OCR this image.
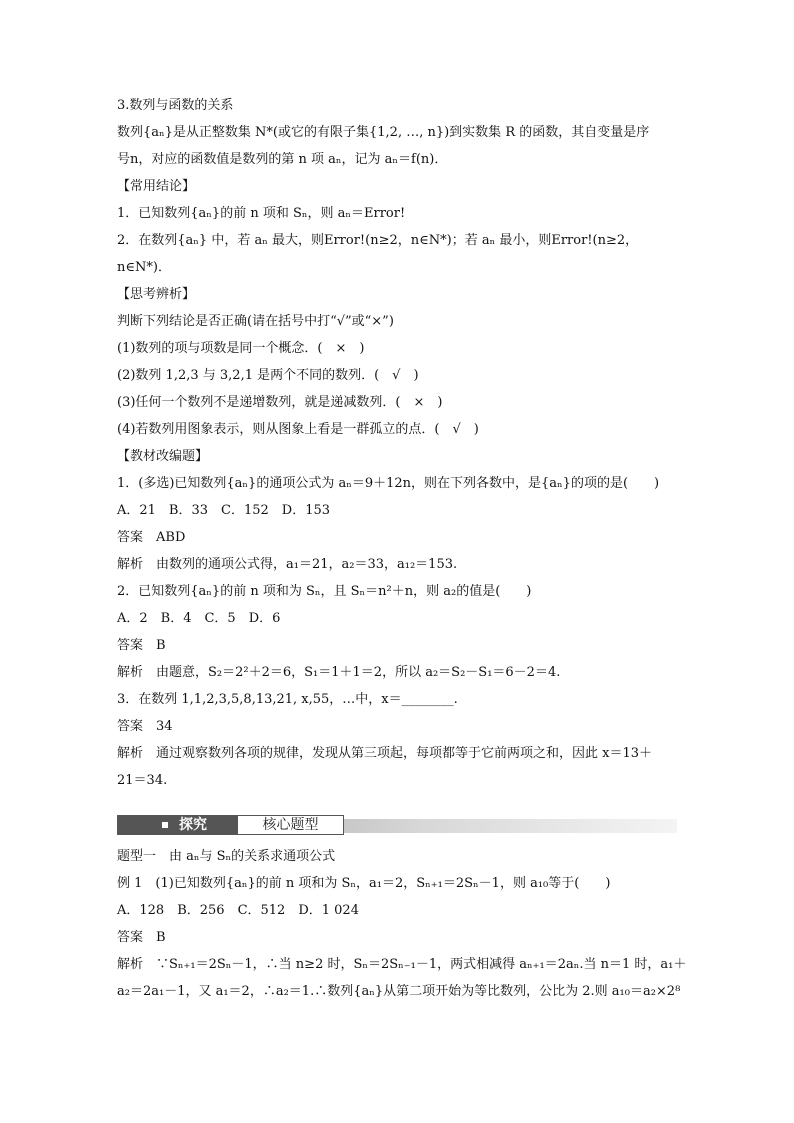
3.数列与函数的关系
数列{aₙ}是从正整数集 N*(或它的有限子集{1,2, …, n})到实数集 R 的函数，其自变量是序
号n，对应的函数值是数列的第 n 项 aₙ，记为 aₙ＝f(n)．
【常用结论】
1．已知数列{aₙ}的前 n 项和 Sₙ，则 aₙ＝Error!
2．在数列{aₙ} 中，若 aₙ 最大，则Error!(n≥2，n∈N*)；若 aₙ 最小，则Error!(n≥2，
n∈N*)．
【思考辨析】
判断下列结论是否正确(请在括号中打“√”或“×”)
(1)数列的项与项数是同一个概念．(　×　)
(2)数列 1,2,3 与 3,2,1 是两个不同的数列．(　√　)
(3)任何一个数列不是递增数列，就是递减数列．(　×　)
(4)若数列用图象表示，则从图象上看是一群孤立的点．(　√　)
【教材改编题】
1．(多选)已知数列{aₙ}的通项公式为 aₙ＝9＋12n，则在下列各数中，是{aₙ}的项的是(　　)
A．21　B．33　C．152　D．153
答案　ABD
解析　由数列的通项公式得，a₁＝21，a₂＝33，a₁₂＝153.
2．已知数列{aₙ}的前 n 项和为 Sₙ，且 Sₙ＝n²＋n，则 a₂的值是(　　)
A．2　B．4　C．5　D．6
答案　B
解析　由题意，S₂＝2²＋2＝6，S₁＝1＋1＝2，所以 a₂＝S₂－S₁＝6－2＝4.
3．在数列 1,1,2,3,5,8,13,21, x,55，…中，x＝________.
答案　34
解析　通过观察数列各项的规律，发现从第三项起，每项都等于它前两项之和，因此 x＝13＋
21＝34.
题型一　由 aₙ与 Sₙ的关系求通项公式
例 1　(1)已知数列{aₙ}的前 n 项和为 Sₙ，a₁＝2，Sₙ₊₁＝2Sₙ－1，则 a₁₀等于(　　)
A．128　B．256　C．512　D．1 024
答案　B
解析　∵Sₙ₊₁＝2Sₙ－1，∴当 n≥2 时，Sₙ＝2Sₙ₋₁－1，两式相减得 aₙ₊₁＝2aₙ.当 n＝1 时，a₁＋
a₂＝2a₁－1，又 a₁＝2，∴a₂＝1.∴数列{aₙ}从第二项开始为等比数列，公比为 2.则 a₁₀＝a₂×2⁸
探究	核心题型
